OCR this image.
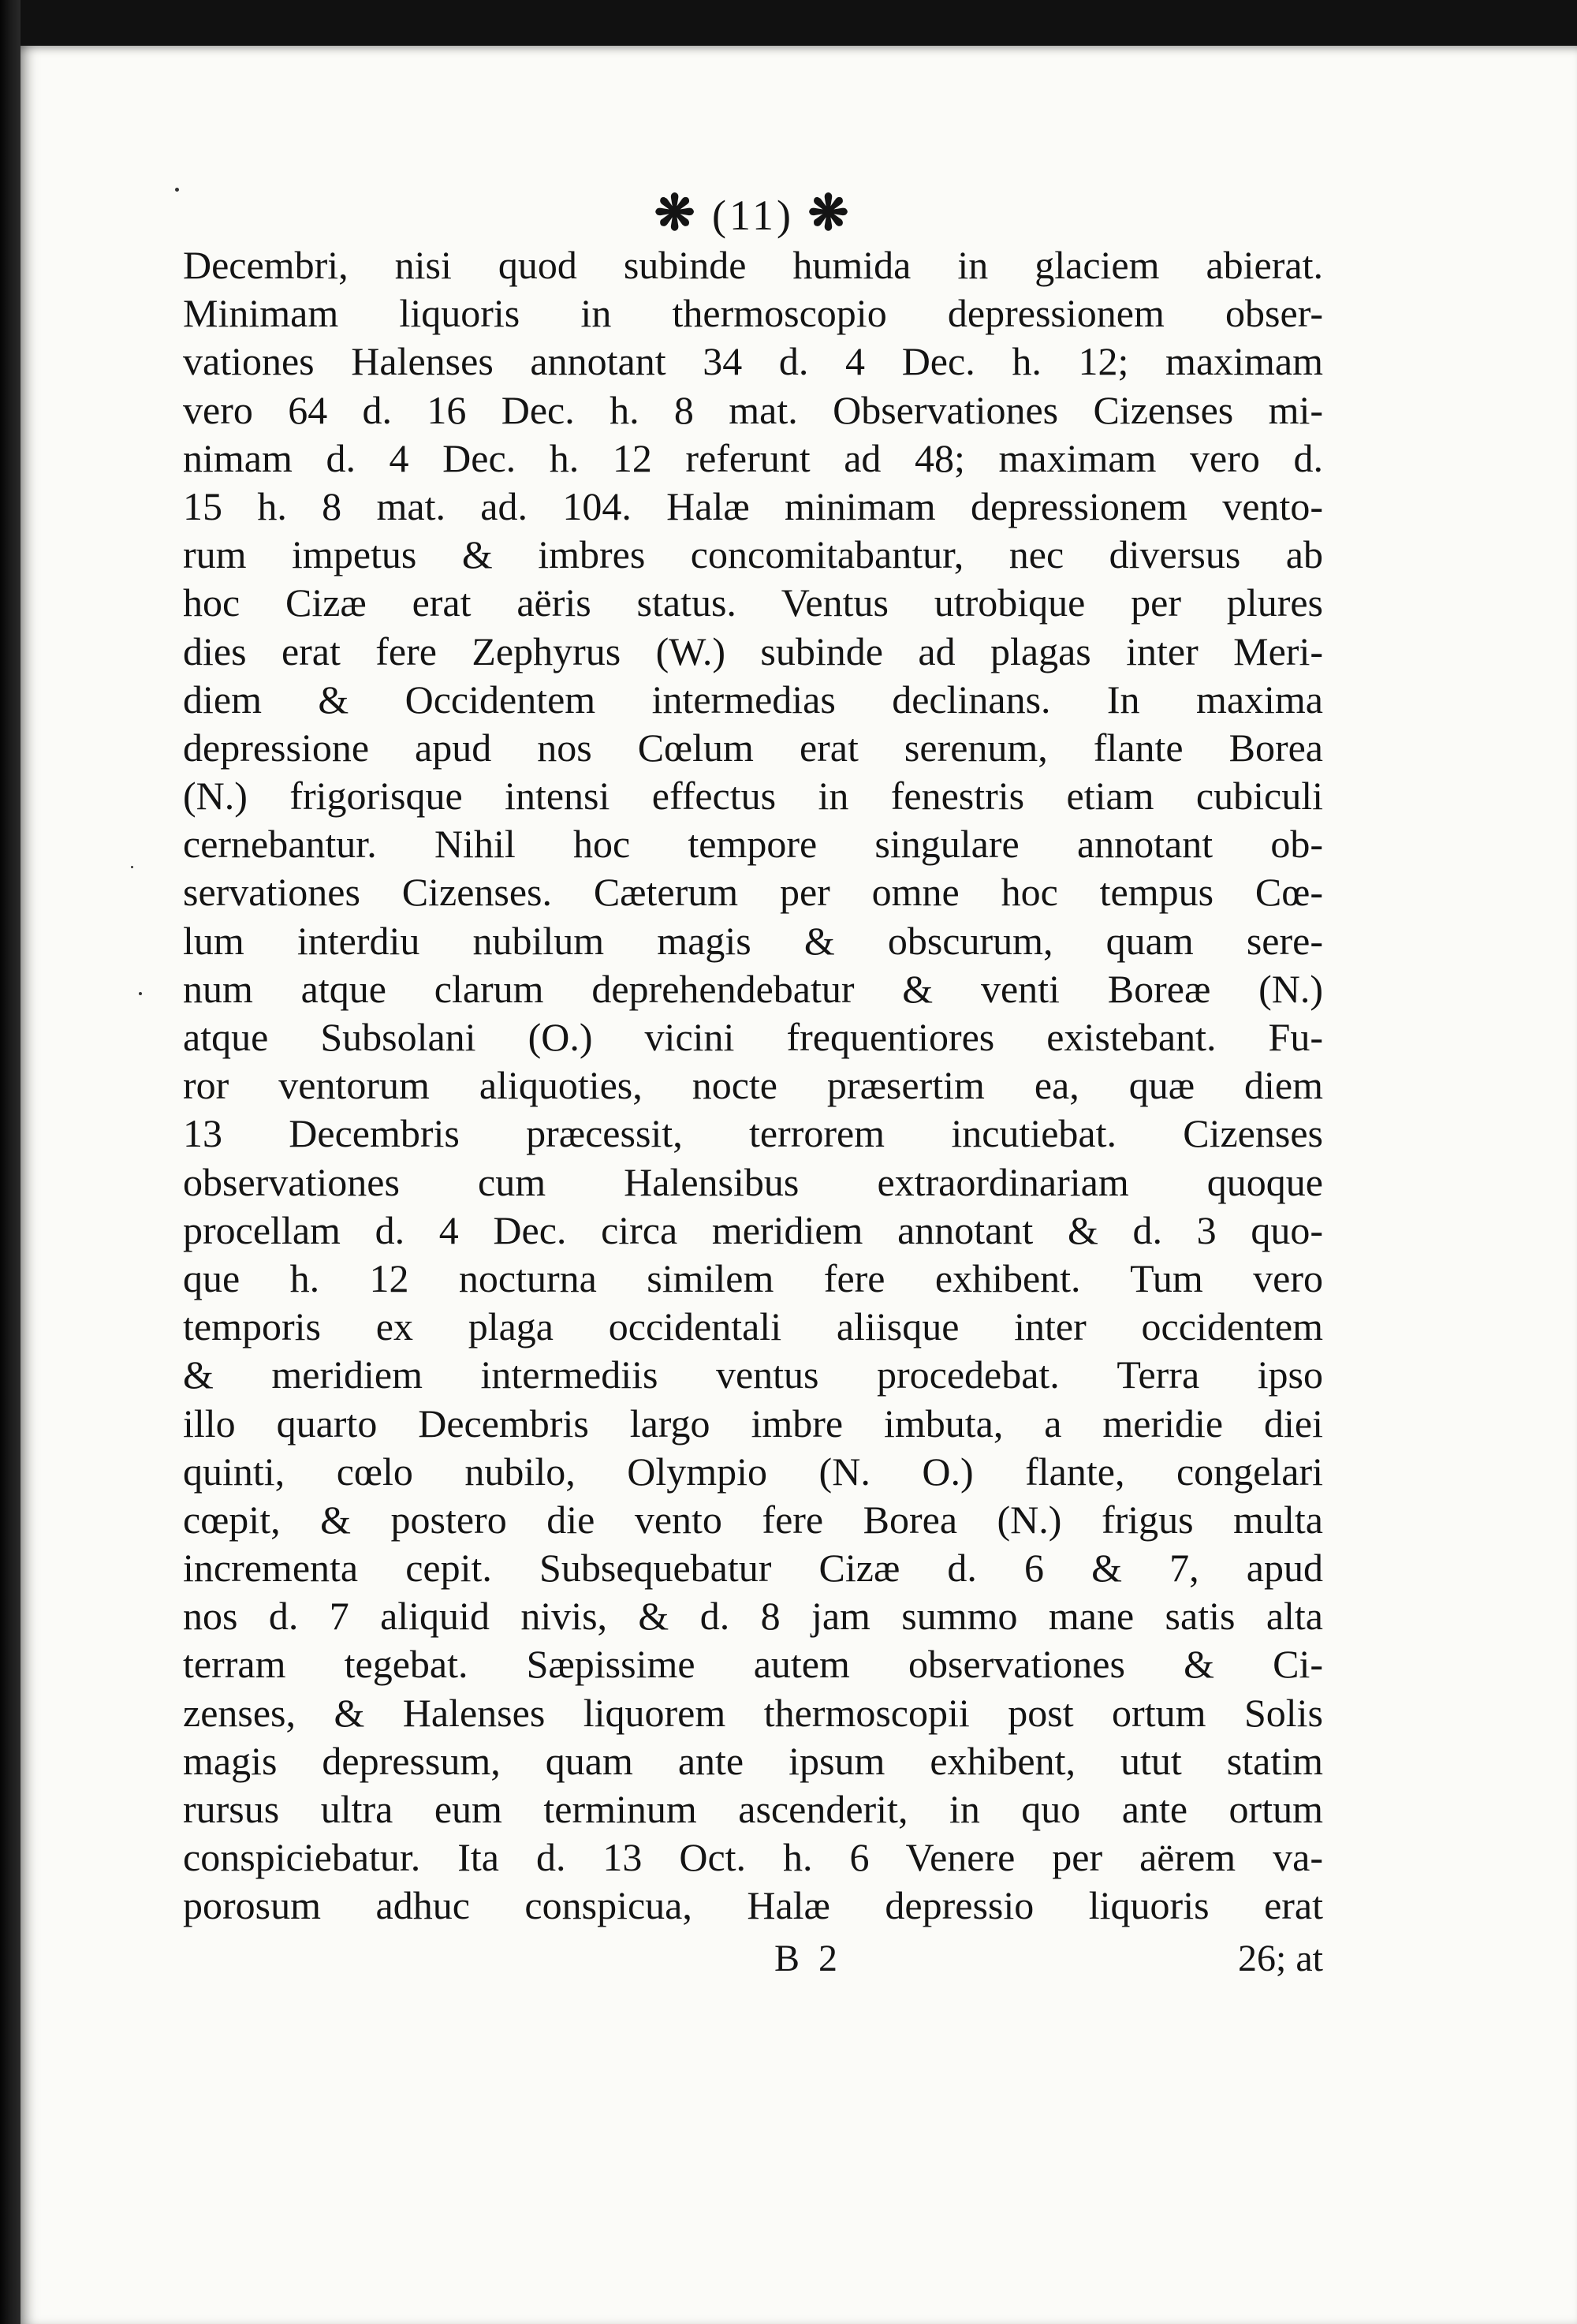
❋ (11) ❋
Decembri, nisi quod subinde humida in glaciem abierat.
Minimam liquoris in thermoscopio depressionem obser-
vationes Halenses annotant 34 d. 4 Dec. h. 12; maximam
vero 64 d. 16 Dec. h. 8 mat. Observationes Cizenses mi-
nimam d. 4 Dec. h. 12 referunt ad 48; maximam vero d.
15 h. 8 mat. ad. 104. Halæ minimam depressionem vento-
rum impetus & imbres concomitabantur, nec diversus ab
hoc Cizæ erat aëris status. Ventus utrobique per plures
dies erat fere Zephyrus (W.) subinde ad plagas inter Meri-
diem & Occidentem intermedias declinans. In maxima
depressione apud nos Cœlum erat serenum, flante Borea
(N.) frigorisque intensi effectus in fenestris etiam cubiculi
cernebantur. Nihil hoc tempore singulare annotant ob-
servationes Cizenses. Cæterum per omne hoc tempus Cœ-
lum interdiu nubilum magis & obscurum, quam sere-
num atque clarum deprehendebatur & venti Boreæ (N.)
atque Subsolani (O.) vicini frequentiores existebant. Fu-
ror ventorum aliquoties, nocte præsertim ea, quæ diem
13 Decembris præcessit, terrorem incutiebat. Cizenses
observationes cum Halensibus extraordinariam quoque
procellam d. 4 Dec. circa meridiem annotant & d. 3 quo-
que h. 12 nocturna similem fere exhibent. Tum vero
temporis ex plaga occidentali aliisque inter occidentem
& meridiem intermediis ventus procedebat. Terra ipso
illo quarto Decembris largo imbre imbuta, a meridie diei
quinti, cœlo nubilo, Olympio (N. O.) flante, congelari
cœpit, & postero die vento fere Borea (N.) frigus multa
incrementa cepit. Subsequebatur Cizæ d. 6 & 7, apud
nos d. 7 aliquid nivis, & d. 8 jam summo mane satis alta
terram tegebat. Sæpissime autem observationes & Ci-
zenses, & Halenses liquorem thermoscopii post ortum Solis
magis depressum, quam ante ipsum exhibent, utut statim
rursus ultra eum terminum ascenderit, in quo ante ortum
conspiciebatur. Ita d. 13 Oct. h. 6 Venere per aërem va-
porosum adhuc conspicua, Halæ depressio liquoris erat
B 2	26; at
